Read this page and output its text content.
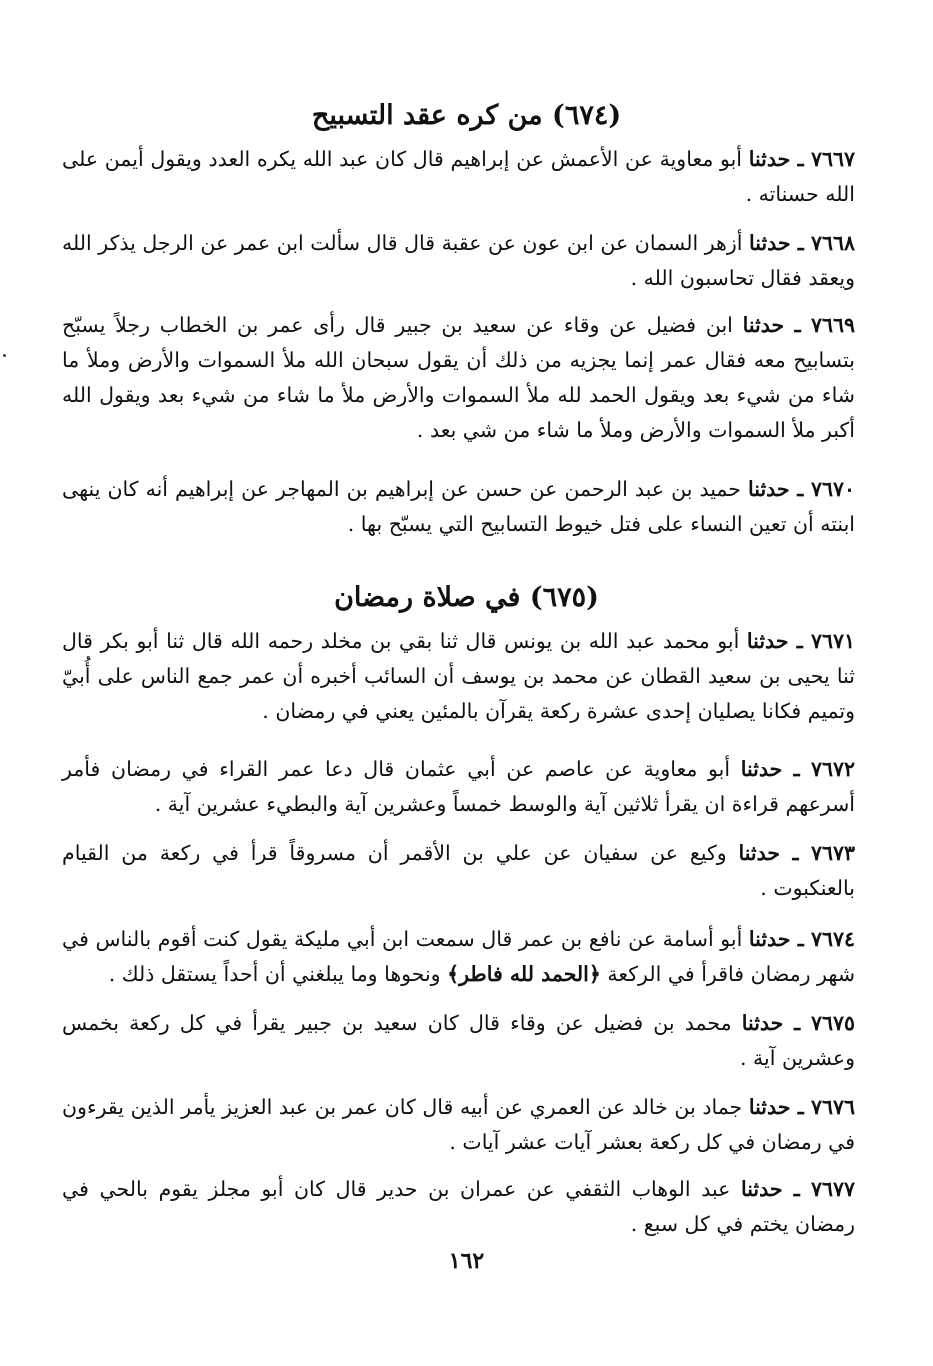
(٦٧٤) من كره عقد التسبيح
٧٦٦٧ ـ حدثنا أبو معاوية عن الأعمش عن إبراهيم قال كان عبد الله يكره العدد ويقول أيمن على الله حسناته .
٧٦٦٨ ـ حدثنا أزهر السمان عن ابن عون عن عقبة قال قال سألت ابن عمر عن الرجل يذكر الله ويعقد فقال تحاسبون الله .
٧٦٦٩ ـ حدثنا ابن فضيل عن وقاء عن سعيد بن جبير قال رأى عمر بن الخطاب رجلاً يسبّح بتسابيح معه فقال عمر إنما يجزيه من ذلك أن يقول سبحان الله ملأ السموات والأرض وملأ ما شاء من شيء بعد ويقول الحمد لله ملأ السموات والأرض ملأ ما شاء من شيء بعد ويقول الله أكبر ملأ السموات والأرض وملأ ما شاء من شي بعد .
٧٦٧٠ ـ حدثنا حميد بن عبد الرحمن عن حسن عن إبراهيم بن المهاجر عن إبراهيم أنه كان ينهى ابنته أن تعين النساء على فتل خيوط التسابيح التي يسبّح بها .
(٦٧٥) في صلاة رمضان
٧٦٧١ ـ حدثنا أبو محمد عبد الله بن يونس قال ثنا بقي بن مخلد رحمه الله قال ثنا أبو بكر قال ثنا يحيى بن سعيد القطان عن محمد بن يوسف أن السائب أخبره أن عمر جمع الناس على أُبيّ وتميم فكانا يصليان إحدى عشرة ركعة يقرآن بالمئين يعني في رمضان .
٧٦٧٢ ـ حدثنا أبو معاوية عن عاصم عن أبي عثمان قال دعا عمر القراء في رمضان فأمر أسرعهم قراءة ان يقرأ ثلاثين آية والوسط خمساً وعشرين آية والبطيء عشرين آية .
٧٦٧٣ ـ حدثنا وكيع عن سفيان عن علي بن الأقمر أن مسروقاً قرأ في ركعة من القيام بالعنكبوت .
٧٦٧٤ ـ حدثنا أبو أسامة عن نافع بن عمر قال سمعت ابن أبي مليكة يقول كنت أقوم بالناس في شهر رمضان فاقرأ في الركعة ﴿الحمد لله فاطر﴾ ونحوها وما يبلغني أن أحداً يستقل ذلك .
٧٦٧٥ ـ حدثنا محمد بن فضيل عن وقاء قال كان سعيد بن جبير يقرأ في كل ركعة بخمس وعشرين آية .
٧٦٧٦ ـ حدثنا جماد بن خالد عن العمري عن أبيه قال كان عمر بن عبد العزيز يأمر الذين يقرءون في رمضان في كل ركعة بعشر آيات عشر آيات .
٧٦٧٧ ـ حدثنا عبد الوهاب الثقفي عن عمران بن حدير قال كان أبو مجلز يقوم بالحي في رمضان يختم في كل سبع .
١٦٢
